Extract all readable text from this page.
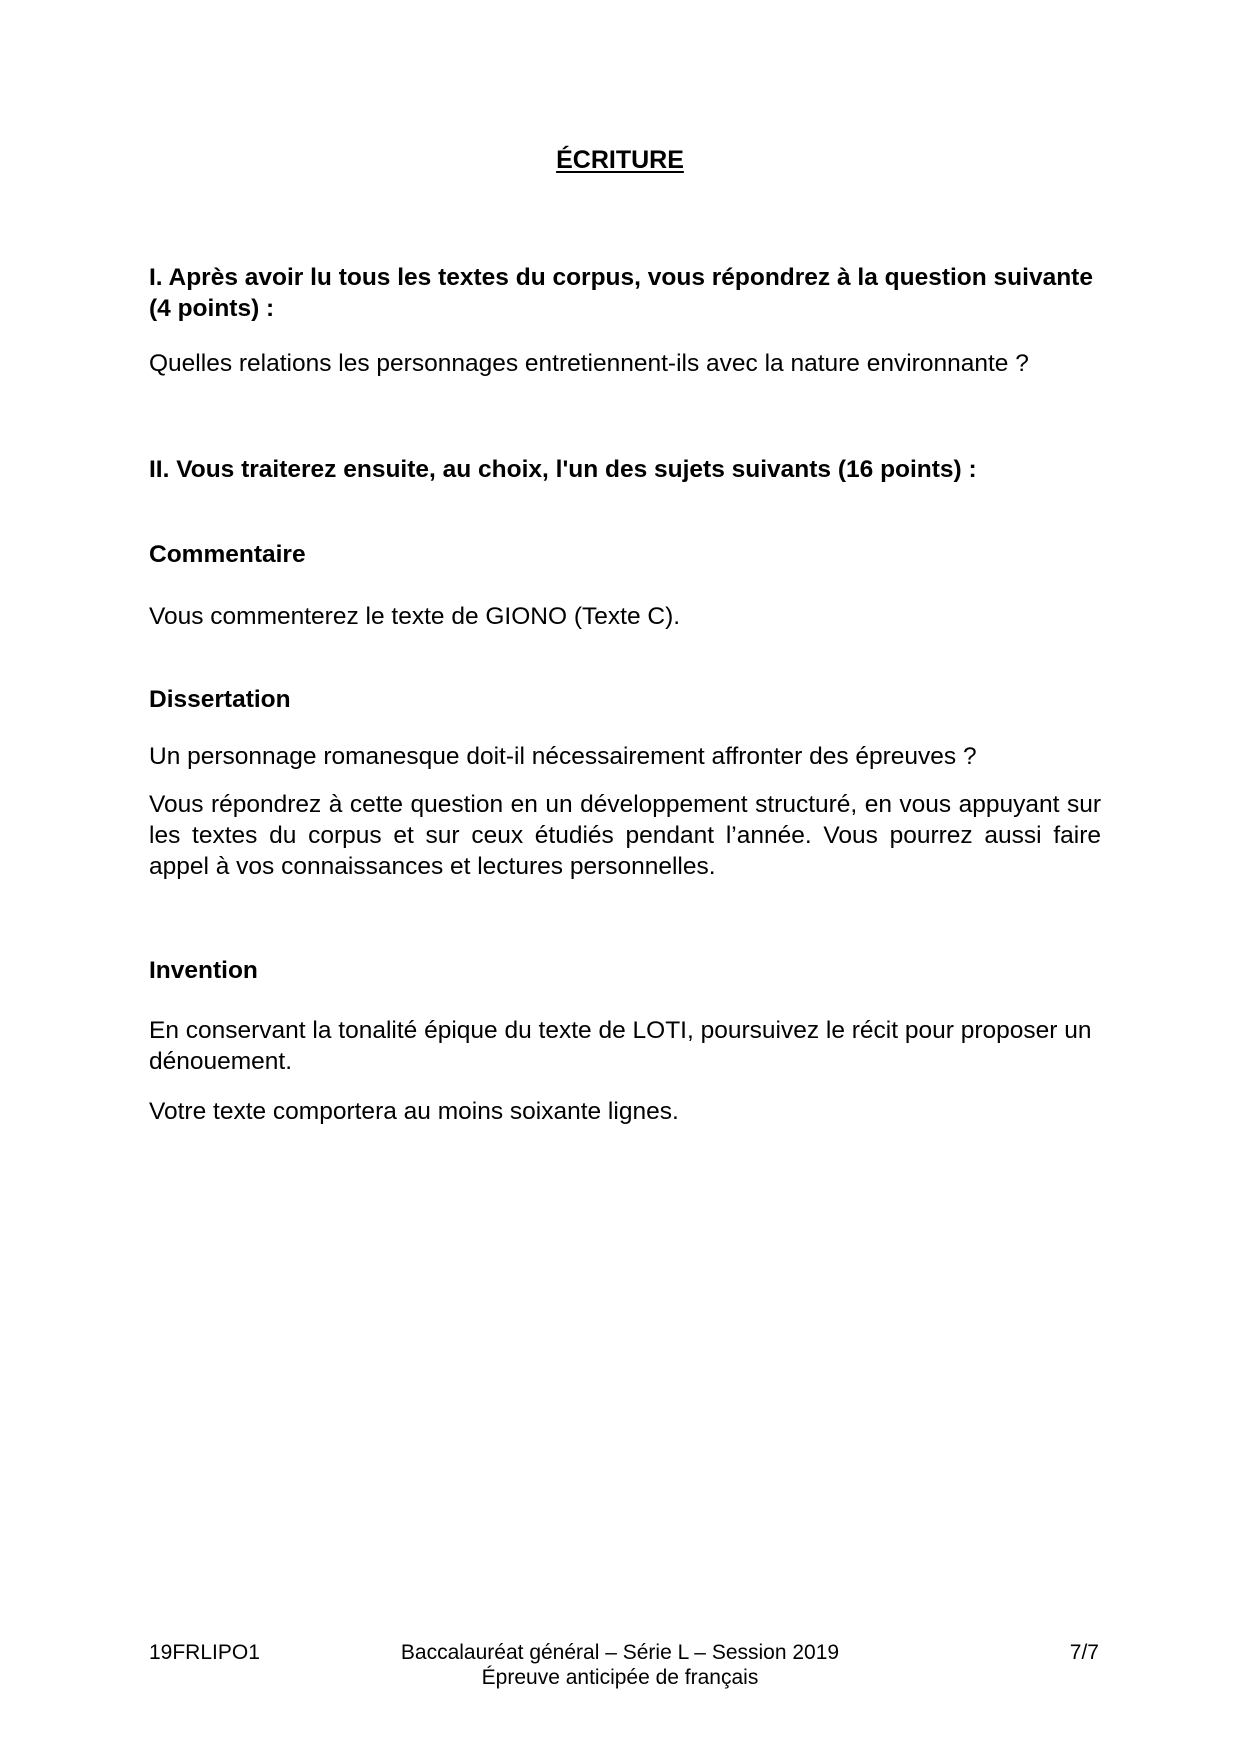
ÉCRITURE
I. Après avoir lu tous les textes du corpus, vous répondrez à la question suivante (4 points) :
Quelles relations les personnages entretiennent-ils avec la nature environnante ?
II. Vous traiterez ensuite, au choix, l'un des sujets suivants (16 points) :
Commentaire
Vous commenterez le texte de GIONO (Texte C).
Dissertation
Un personnage romanesque doit-il nécessairement affronter des épreuves ?
Vous répondrez à cette question en un développement structuré, en vous appuyant sur les textes du corpus et sur ceux étudiés pendant l’année. Vous pourrez aussi faire appel à vos connaissances et lectures personnelles.
Invention
En conservant la tonalité épique du texte de LOTI, poursuivez le récit pour proposer un dénouement.
Votre texte comportera au moins soixante lignes.
19FRLIPO1	Baccalauréat général – Série L – Session 2019
Épreuve anticipée de français
7/7
